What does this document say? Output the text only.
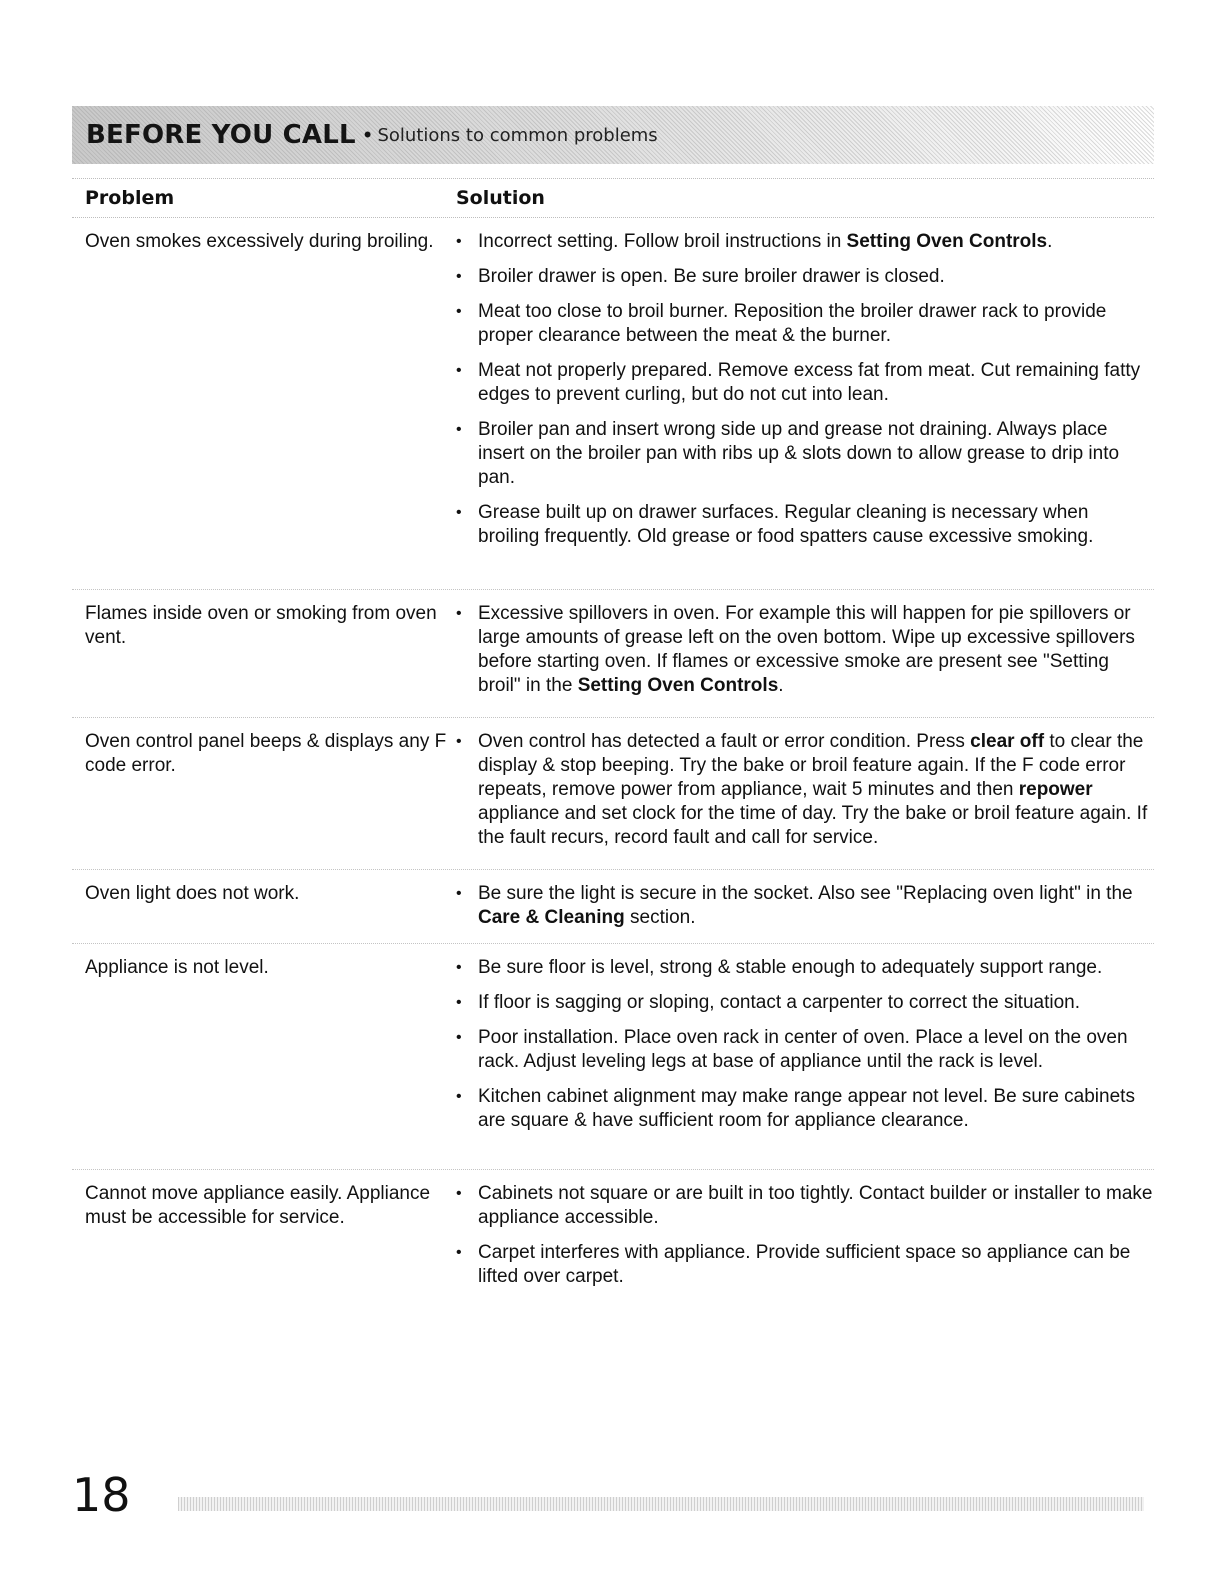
BEFORE YOU CALL • Solutions to common problems
Problem	Solution
Oven smokes excessively during broiling.	• Incorrect setting. Follow broil instructions in Setting Oven Controls.
• Broiler drawer is open. Be sure broiler drawer is closed.
• Meat too close to broil burner. Reposition the broiler drawer rack to provide proper clearance between the meat & the burner.
• Meat not properly prepared. Remove excess fat from meat. Cut remaining fatty edges to prevent curling, but do not cut into lean.
• Broiler pan and insert wrong side up and grease not draining. Always place insert on the broiler pan with ribs up & slots down to allow grease to drip into pan.
• Grease built up on drawer surfaces. Regular cleaning is necessary when broiling frequently. Old grease or food spatters cause excessive smoking.
Flames inside oven or smoking from oven vent.
• Excessive spillovers in oven. For example this will happen for pie spillovers or large amounts of grease left on the oven bottom. Wipe up excessive spillovers before starting oven. If flames or excessive smoke are present see "Setting broil" in the Setting Oven Controls.
Oven control panel beeps & displays any F code error.
• Oven control has detected a fault or error condition. Press clear off to clear the display & stop beeping. Try the bake or broil feature again. If the F code error repeats, remove power from appliance, wait 5 minutes and then repower appliance and set clock for the time of day. Try the bake or broil feature again. If the fault recurs, record fault and call for service.
Oven light does not work.	• Be sure the light is secure in the socket. Also see "Replacing oven light" in the Care & Cleaning section.
Appliance is not level.	• Be sure floor is level, strong & stable enough to adequately support range.
• If floor is sagging or sloping, contact a carpenter to correct the situation.
• Poor installation. Place oven rack in center of oven. Place a level on the oven rack. Adjust leveling legs at base of appliance until the rack is level.
• Kitchen cabinet alignment may make range appear not level. Be sure cabinets are square & have sufficient room for appliance clearance.
Cannot move appliance easily. Appliance must be accessible for service.
• Cabinets not square or are built in too tightly. Contact builder or installer to make appliance accessible.
• Carpet interferes with appliance. Provide sufficient space so appliance can be lifted over carpet.
18
